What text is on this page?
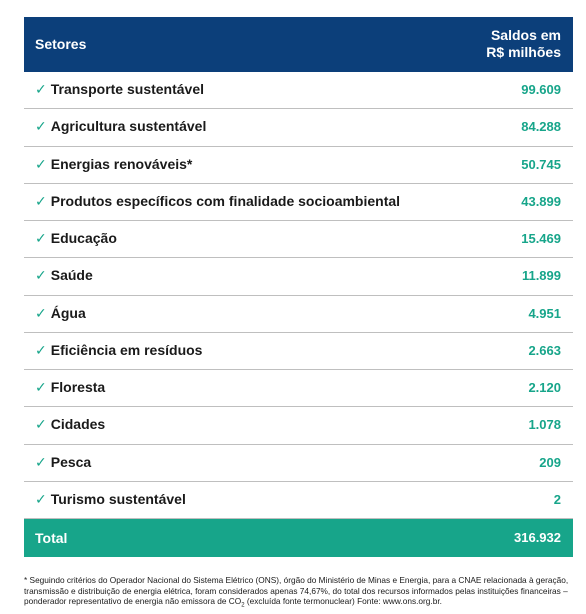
Setores
Saldos em
R$ milhões
✓ Transporte sustentável	99.609
✓ Agricultura sustentável	84.288
✓ Energias renováveis*	50.745
✓ Produtos específicos com finalidade socioambiental	43.899
✓ Educação	15.469
✓ Saúde	11.899
✓ Água	4.951
✓ Eficiência em resíduos	2.663
✓ Floresta	2.120
✓ Cidades	1.078
✓ Pesca	209
✓ Turismo sustentável	2
Total	316.932
* Seguindo critérios do Operador Nacional do Sistema Elétrico (ONS), órgão do Ministério de Minas e Energia, para a CNAE relacionada à geração, transmissão e distribuição de energia elétrica, foram considerados apenas 74,67%, do total dos recursos informados pelas instituições financeiras – ponderador representativo de energia não emissora de $CO_2$ (excluída fonte termonuclear) Fonte: www.ons.org.br.
